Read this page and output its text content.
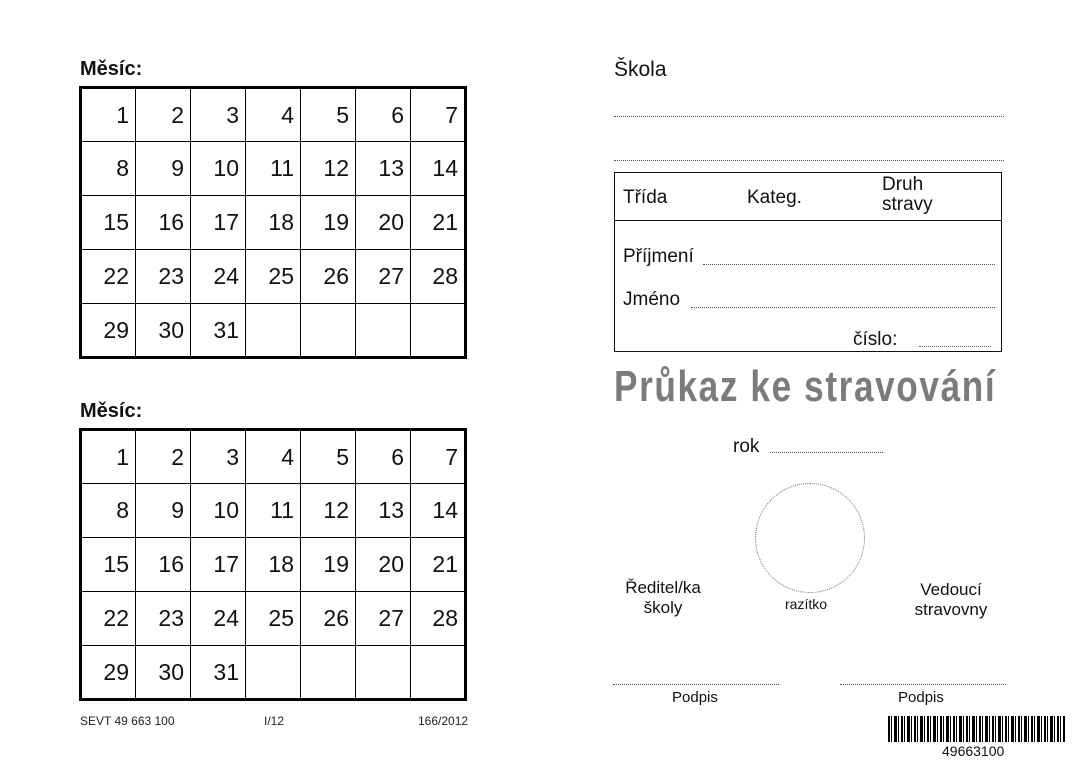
Měsíc:
1	2	3	4	5	6	7
8	9	10	11	12	13	14
15	16	17	18	19	20	21
22	23	24	25	26	27	28
29	30	31				
Měsíc:
1	2	3	4	5	6	7
8	9	10	11	12	13	14
15	16	17	18	19	20	21
22	23	24	25	26	27	28
29	30	31				
SEVT 49 663 100	I/12	166/2012
Škola
Třída	Kateg.
Druh
stravy
Příjmení
Jméno
číslo:
Průkaz ke stravování
rok
razítko
Ředitel/ka
školy
Vedoucí
stravovny
Podpis	Podpis
49663100
